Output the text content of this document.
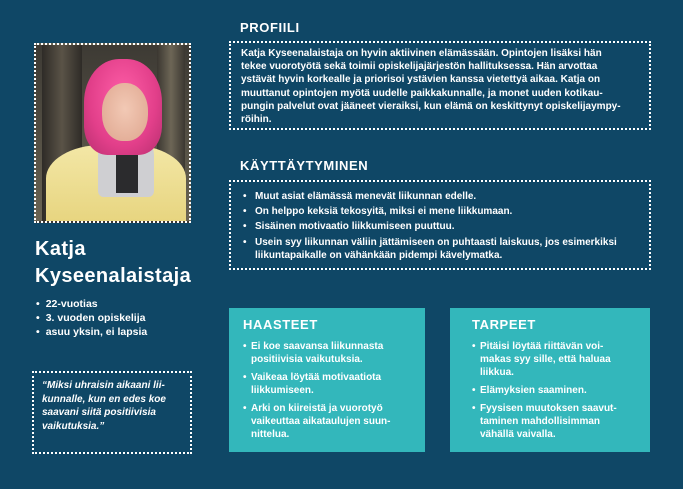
Katja
Kyseenalaistaja
• 22-vuotias
• 3. vuoden opiskelija
• asuu yksin, ei lapsia
“Miksi uhraisin aikaani lii-
kunnalle, kun en edes koe
saavani siitä positiivisia
vaikutuksia.”
PROFIILI
Katja Kyseenalaistaja on hyvin aktiivinen elämässään. Opintojen lisäksi hän
tekee vuorotyötä sekä toimii opiskelijajärjestön hallituksessa. Hän arvottaa
ystävät hyvin korkealle ja priorisoi ystävien kanssa vietettyä aikaa. Katja on
muuttanut opintojen myötä uudelle paikkakunnalle, ja monet uuden kotikau-
pungin palvelut ovat jääneet vieraiksi, kun elämä on keskittynyt opiskelijaympy-
röihin.
KÄYTTÄYTYMINEN
• Muut asiat elämässä menevät liikunnan edelle.
• On helppo keksiä tekosyitä, miksi ei mene liikkumaan.
• Sisäinen motivaatio liikkumiseen puuttuu.
• Usein syy liikunnan väliin jättämiseen on puhtaasti laiskuus, jos esimerkiksi
liikuntapaikalle on vähänkään pidempi kävelymatka.
HAASTEET
• Ei koe saavansa liikunnasta
positiivisia vaikutuksia.
• Vaikeaa löytää motivaatiota
liikkumiseen.
• Arki on kiireistä ja vuorotyö
vaikeuttaa aikataulujen suun-
nittelua.
TARPEET
• Pitäisi löytää riittävän voi-
makas syy sille, että haluaa
liikkua.
• Elämyksien saaminen.
• Fyysisen muutoksen saavut-
taminen mahdollisimman
vähällä vaivalla.
